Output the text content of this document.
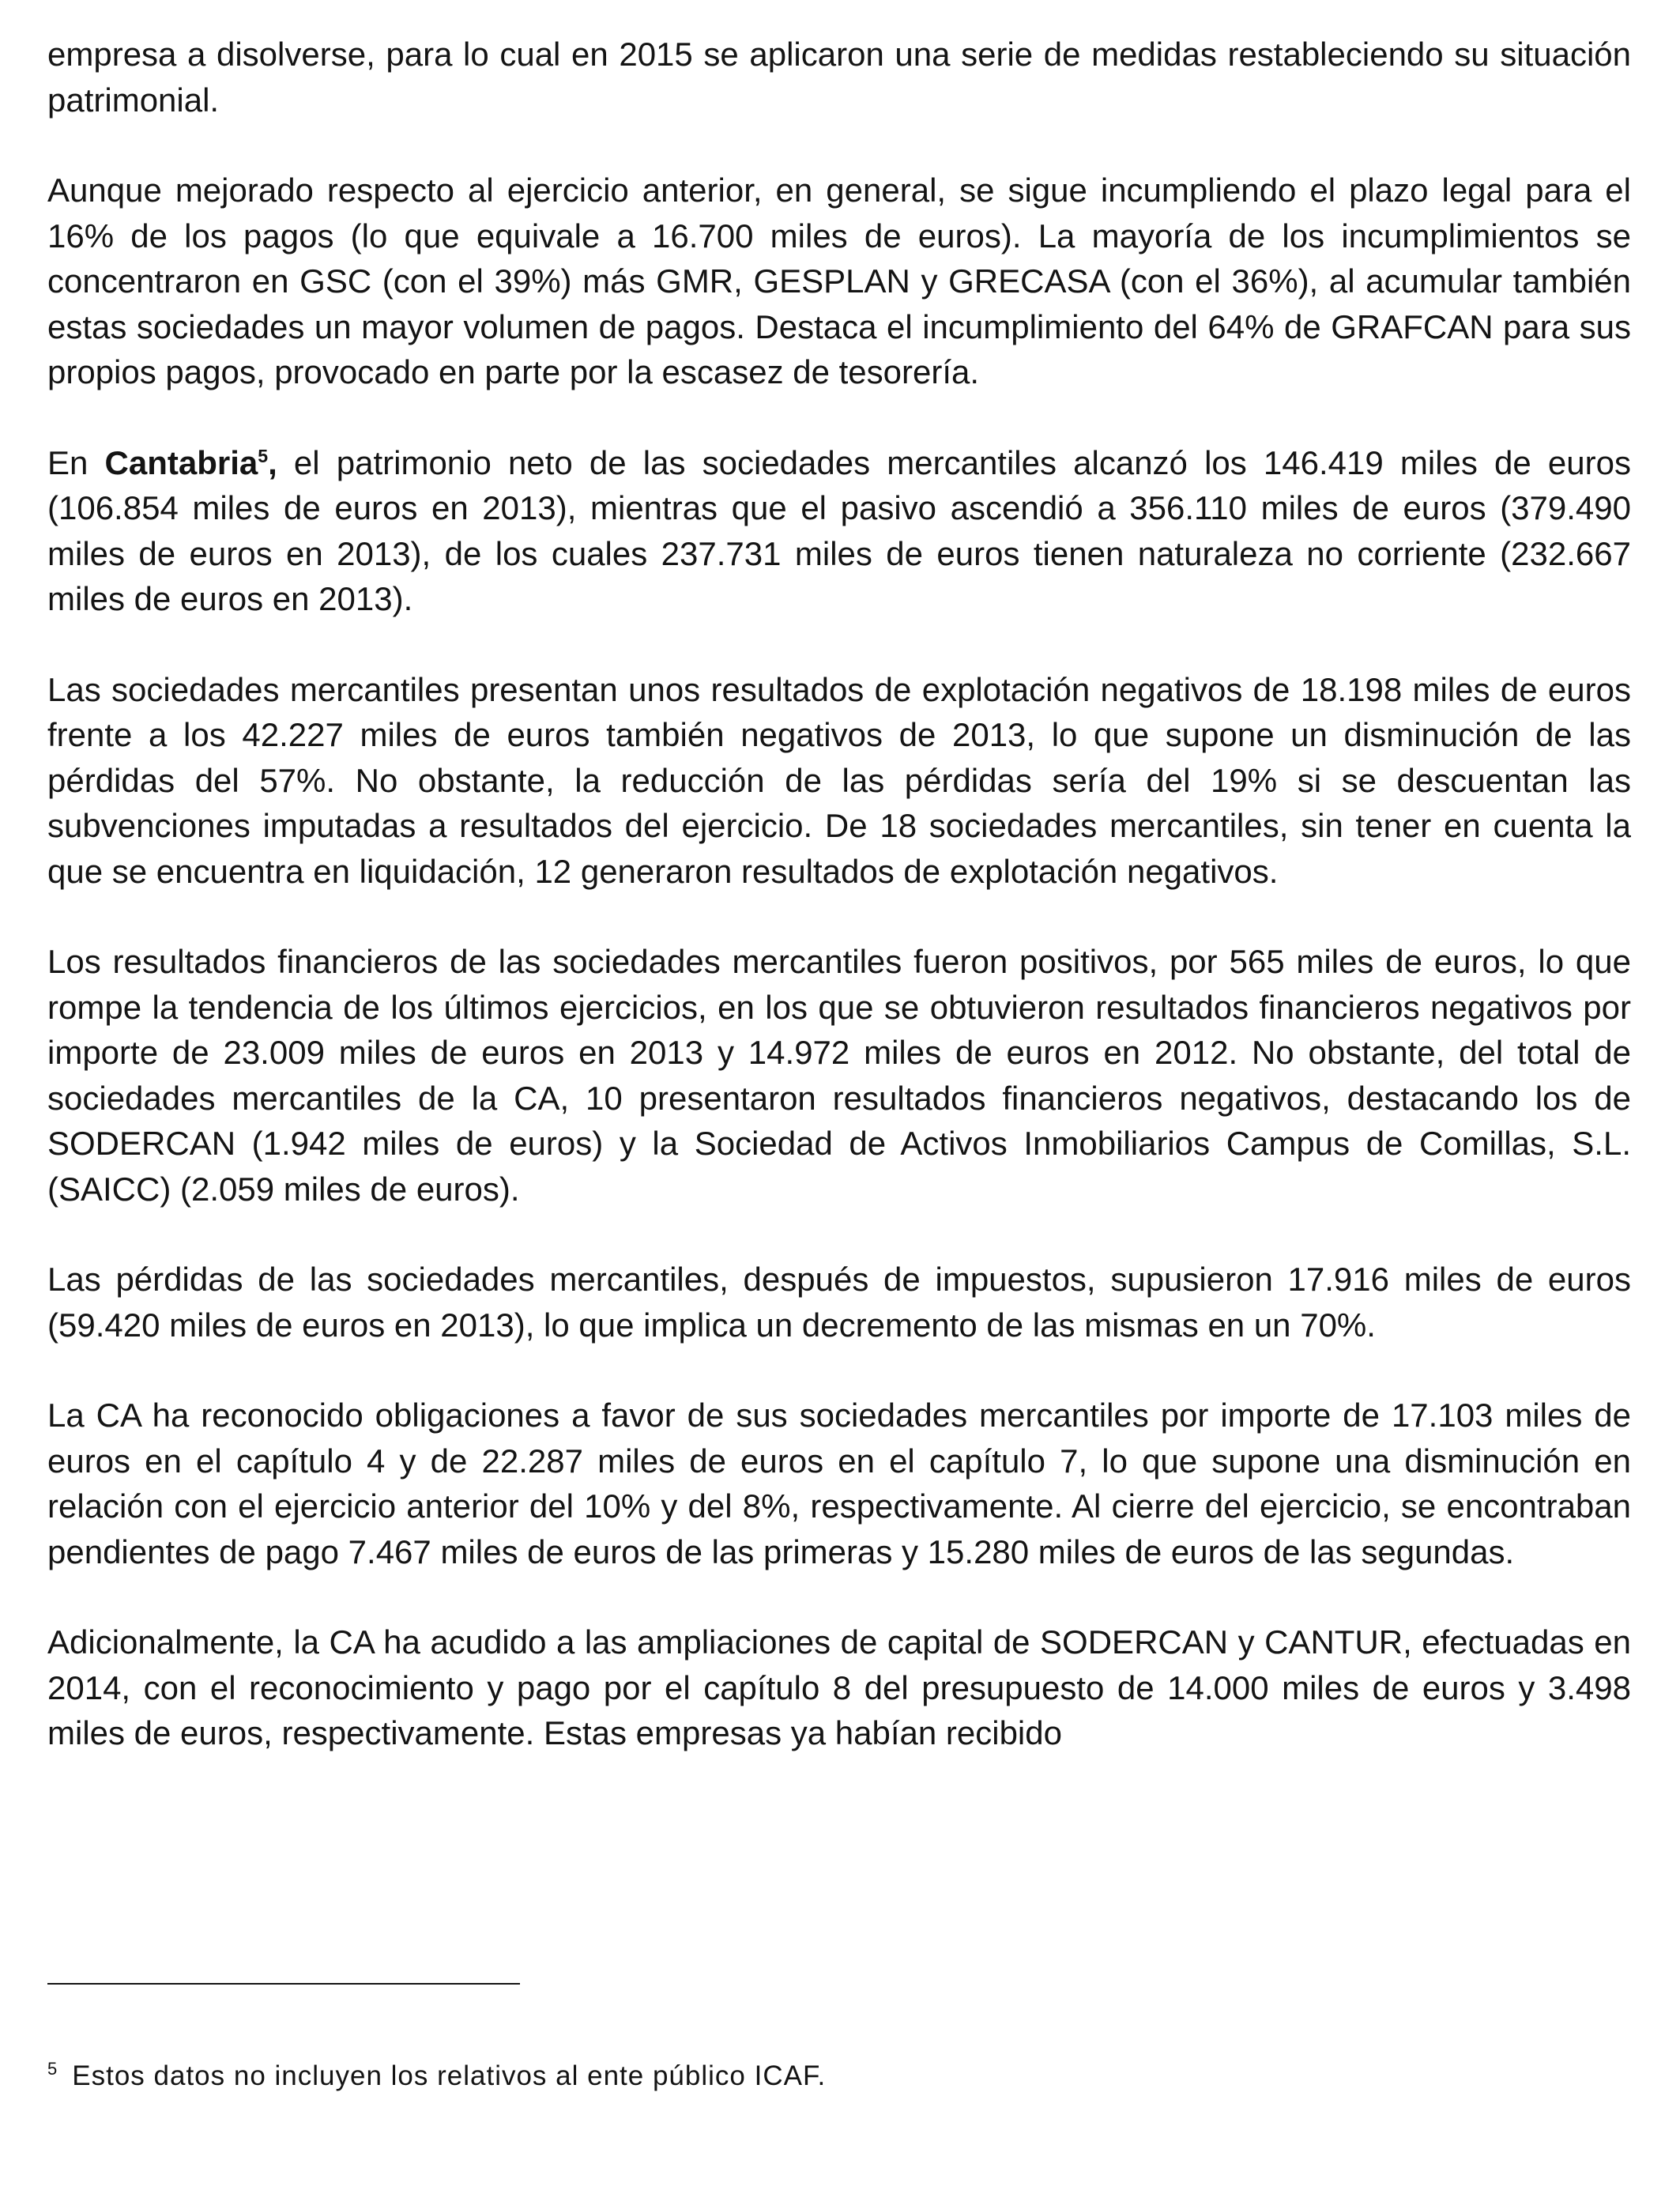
empresa a disolverse, para lo cual en 2015 se aplicaron una serie de medidas restableciendo su situación patrimonial.

Aunque mejorado respecto al ejercicio anterior, en general, se sigue incumpliendo el plazo legal para el 16% de los pagos (lo que equivale a 16.700 miles de euros). La mayoría de los incumplimientos se concentraron en GSC (con el 39%) más GMR, GESPLAN y GRECASA (con el 36%), al acumular también estas sociedades un mayor volumen de pagos. Destaca el incumplimiento del 64% de GRAFCAN para sus propios pagos, provocado en parte por la escasez de tesorería.

En Cantabria$^5$, el patrimonio neto de las sociedades mercantiles alcanzó los 146.419 miles de euros (106.854 miles de euros en 2013), mientras que el pasivo ascendió a 356.110 miles de euros (379.490 miles de euros en 2013), de los cuales 237.731 miles de euros tienen naturaleza no corriente (232.667 miles de euros en 2013).

Las sociedades mercantiles presentan unos resultados de explotación negativos de 18.198 miles de euros frente a los 42.227 miles de euros también negativos de 2013, lo que supone un disminución de las pérdidas del 57%. No obstante, la reducción de las pérdidas sería del 19% si se descuentan las subvenciones imputadas a resultados del ejercicio. De 18 sociedades mercantiles, sin tener en cuenta la que se encuentra en liquidación, 12 generaron resultados de explotación negativos.

Los resultados financieros de las sociedades mercantiles fueron positivos, por 565 miles de euros, lo que rompe la tendencia de los últimos ejercicios, en los que se obtuvieron resultados financieros negativos por importe de 23.009 miles de euros en 2013 y 14.972 miles de euros en 2012. No obstante, del total de sociedades mercantiles de la CA, 10 presentaron resultados financieros negativos, destacando los de SODERCAN (1.942 miles de euros) y la Sociedad de Activos Inmobiliarios Campus de Comillas, S.L. (SAICC) (2.059 miles de euros).

Las pérdidas de las sociedades mercantiles, después de impuestos, supusieron 17.916 miles de euros (59.420 miles de euros en 2013), lo que implica un decremento de las mismas en un 70%.

La CA ha reconocido obligaciones a favor de sus sociedades mercantiles por importe de 17.103 miles de euros en el capítulo 4 y de 22.287 miles de euros en el capítulo 7, lo que supone una disminución en relación con el ejercicio anterior del 10% y del 8%, respectivamente. Al cierre del ejercicio, se encontraban pendientes de pago 7.467 miles de euros de las primeras y 15.280 miles de euros de las segundas.

Adicionalmente, la CA ha acudido a las ampliaciones de capital de SODERCAN y CANTUR, efectuadas en 2014, con el reconocimiento y pago por el capítulo 8 del presupuesto de 14.000 miles de euros y 3.498 miles de euros, respectivamente. Estas empresas ya habían recibido

$^5$ Estos datos no incluyen los relativos al ente público ICAF.
